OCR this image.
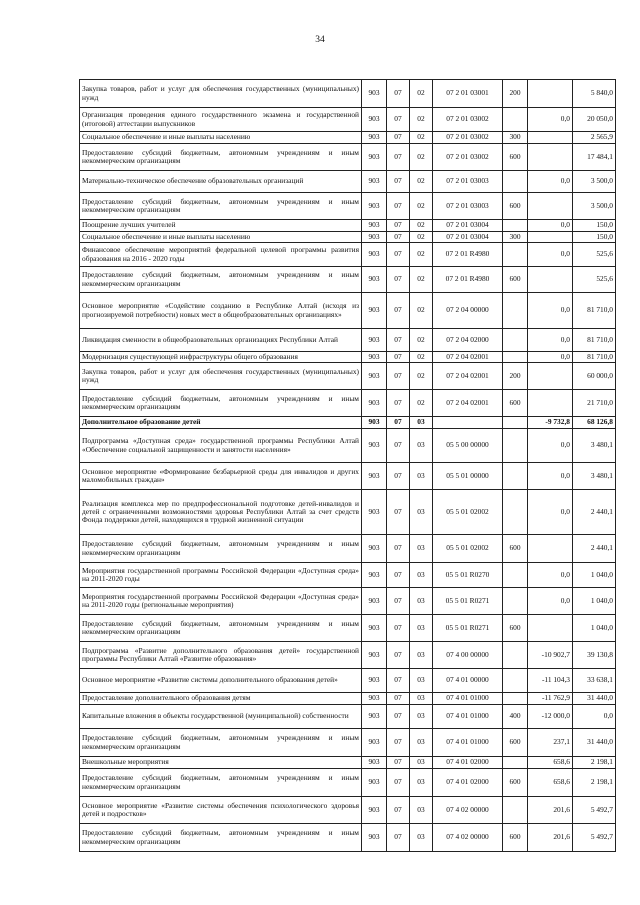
34
Закупка товаров, работ и услуг для обеспечения государственных (муниципальных) нужд	903	07	02	07 2 01 03001	200		5 840,0
Организация проведения единого государственного экзамена и государственной (итоговой) аттестации выпускников	903	07	02	07 2 01 03002		0,0	20 050,0
Социальное обеспечение и иные выплаты населению	903	07	02	07 2 01 03002	300		2 565,9
Предоставление субсидий бюджетным, автономным учреждениям и иным некоммерческим организациям	903	07	02	07 2 01 03002	600		17 484,1
Материально-техническое обеспечение образовательных организаций	903	07	02	07 2 01 03003		0,0	3 500,0
Предоставление субсидий бюджетным, автономным учреждениям и иным некоммерческим организациям	903	07	02	07 2 01 03003	600		3 500,0
Поощрение лучших учителей	903	07	02	07 2 01 03004		0,0	150,0
Социальное обеспечение и иные выплаты населению	903	07	02	07 2 01 03004	300		150,0
Финансовое обеспечение мероприятий федеральной целевой программы развития образования на 2016 - 2020 годы	903	07	02	07 2 01 R4980		0,0	525,6
Предоставление субсидий бюджетным, автономным учреждениям и иным некоммерческим организациям	903	07	02	07 2 01 R4980	600		525,6
Основное мероприятие «Содействие созданию в Республике Алтай (исходя из прогнозируемой потребности) новых мест в общеобразовательных организациях»	903	07	02	07 2 04 00000		0,0	81 710,0
Ликвидация сменности в общеобразовательных организациях Республики Алтай	903	07	02	07 2 04 02000		0,0	81 710,0
Модернизация существующей инфраструктуры общего образования	903	07	02	07 2 04 02001		0,0	81 710,0
Закупка товаров, работ и услуг для обеспечения государственных (муниципальных) нужд	903	07	02	07 2 04 02001	200		60 000,0
Предоставление субсидий бюджетным, автономным учреждениям и иным некоммерческим организациям	903	07	02	07 2 04 02001	600		21 710,0
Дополнительное образование детей	903	07	03			-9 732,8	68 126,8
Подпрограмма «Доступная среда» государственной программы Республики Алтай «Обеспечение социальной защищенности и занятости населения»	903	07	03	05 5 00 00000		0,0	3 480,1
Основное мероприятие «Формирование безбарьерной среды для инвалидов и других маломобильных граждан»	903	07	03	05 5 01 00000		0,0	3 480,1
Реализация комплекса мер по предпрофессиональной подготовке детей-инвалидов и детей с ограниченными возможностями здоровья Республики Алтай за счет средств Фонда поддержки детей, находящихся в трудной жизненной ситуации	903	07	03	05 5 01 02002		0,0	2 440,1
Предоставление субсидий бюджетным, автономным учреждениям и иным некоммерческим организациям	903	07	03	05 5 01 02002	600		2 440,1
Мероприятия государственной программы Российской Федерации «Доступная среда» на 2011-2020 годы	903	07	03	05 5 01 R0270		0,0	1 040,0
Мероприятия государственной программы Российской Федерации «Доступная среда» на 2011-2020 годы (региональные мероприятия)	903	07	03	05 5 01 R0271		0,0	1 040,0
Предоставление субсидий бюджетным, автономным учреждениям и иным некоммерческим организациям	903	07	03	05 5 01 R0271	600		1 040,0
Подпрограмма «Развитие дополнительного образования детей» государственной программы Республики Алтай «Развитие образования»	903	07	03	07 4 00 00000		-10 902,7	39 130,8
Основное мероприятие «Развитие системы дополнительного образования детей»	903	07	03	07 4 01 00000		-11 104,3	33 638,1
Предоставление дополнительного образования детям	903	07	03	07 4 01 01000		-11 762,9	31 440,0
Капитальные вложения в объекты государственной (муниципальной) собственности	903	07	03	07 4 01 01000	400	-12 000,0	0,0
Предоставление субсидий бюджетным, автономным учреждениям и иным некоммерческим организациям	903	07	03	07 4 01 01000	600	237,1	31 440,0
Внешкольные мероприятия	903	07	03	07 4 01 02000		658,6	2 198,1
Предоставление субсидий бюджетным, автономным учреждениям и иным некоммерческим организациям	903	07	03	07 4 01 02000	600	658,6	2 198,1
Основное мероприятие «Развитие системы обеспечения психологического здоровья детей и подростков»	903	07	03	07 4 02 00000		201,6	5 492,7
Предоставление субсидий бюджетным, автономным учреждениям и иным некоммерческим организациям	903	07	03	07 4 02 00000	600	201,6	5 492,7
